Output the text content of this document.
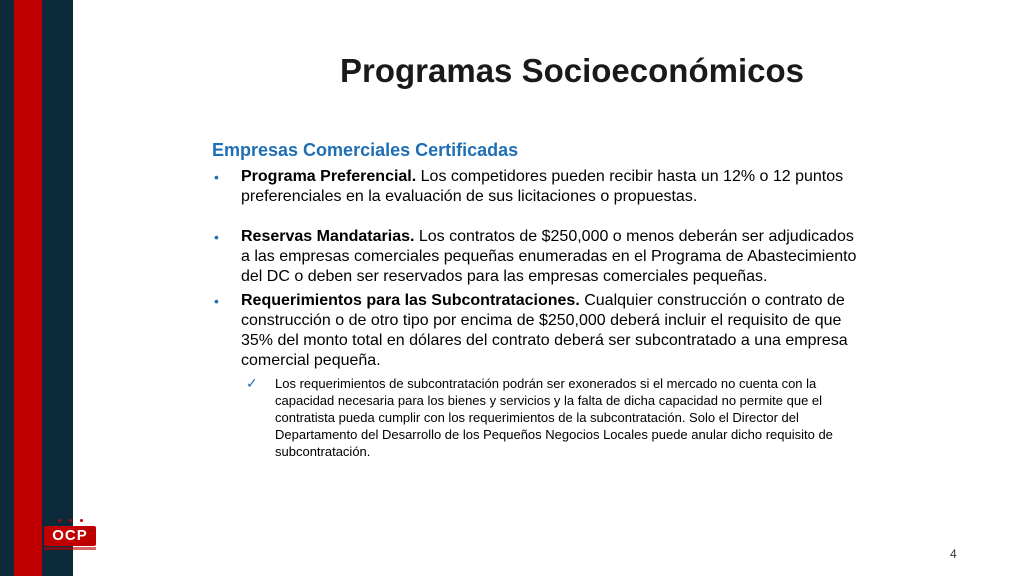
OCP
Programas Socioeconómicos

Empresas Comerciales Certificadas

• Programa Preferencial. Los competidores pueden recibir hasta un 12% o 12 puntos preferenciales en la evaluación de sus licitaciones o propuestas.

• Reservas Mandatarias. Los contratos de $250,000 o menos deberán ser adjudicados a las empresas comerciales pequeñas enumeradas en el Programa de Abastecimiento del DC o deben ser reservados para las empresas comerciales pequeñas.

• Requerimientos para las Subcontrataciones. Cualquier construcción o contrato de construcción o de otro tipo por encima de $250,000 deberá incluir el requisito de que 35% del monto total en dólares del contrato deberá ser subcontratado a una empresa comercial pequeña.

✓ Los requerimientos de subcontratación podrán ser exonerados si el mercado no cuenta con la capacidad necesaria para los bienes y servicios y la falta de dicha capacidad no permite que el contratista pueda cumplir con los requerimientos de la subcontratación. Solo el Director del Departamento del Desarrollo de los Pequeños Negocios Locales puede anular dicho requisito de subcontratación.

4
